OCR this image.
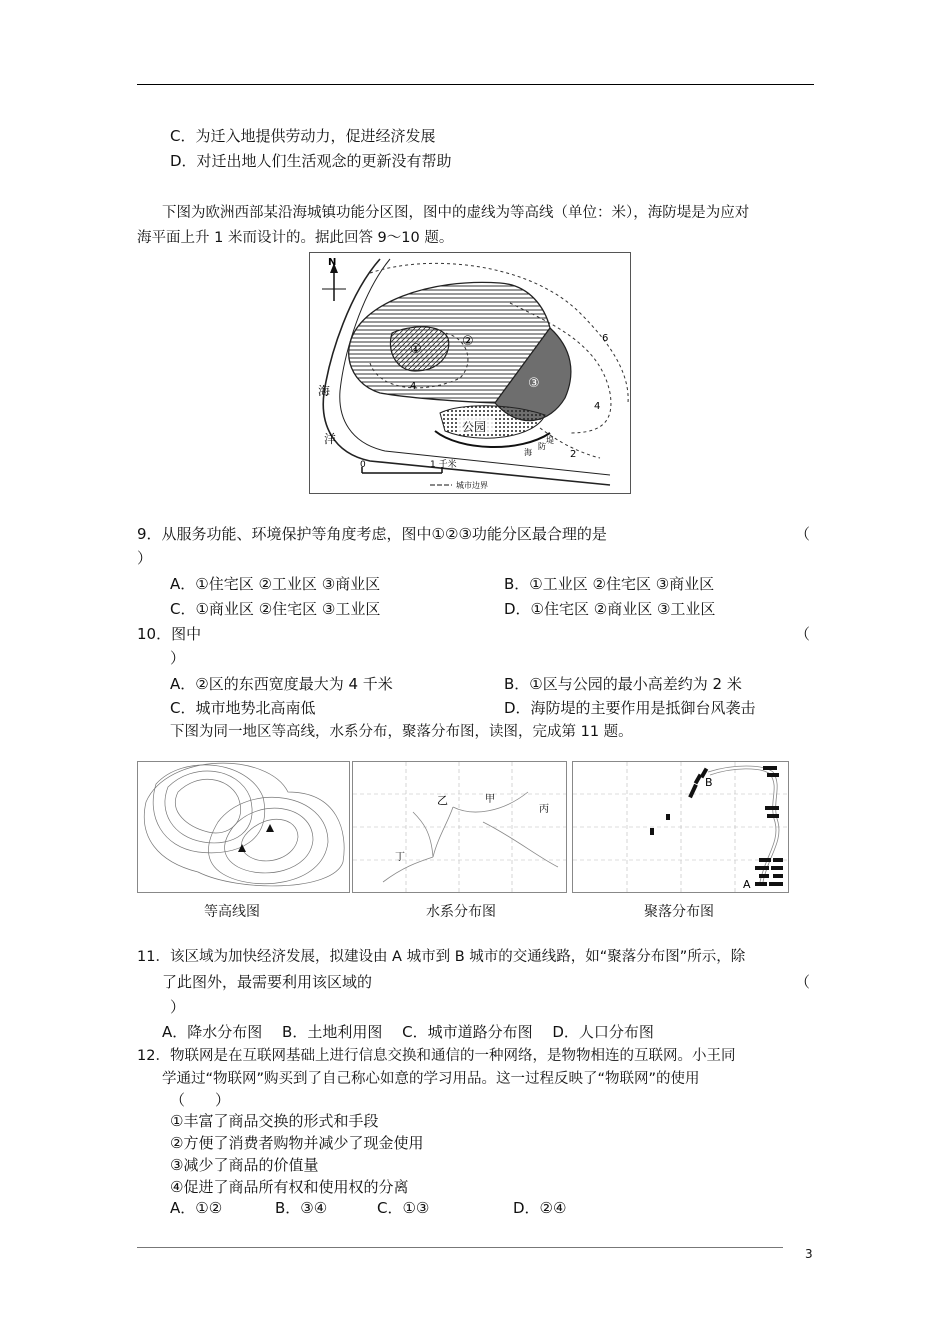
C．为迁入地提供劳动力，促进经济发展
D．对迁出地人们生活观念的更新没有帮助
下图为欧洲西部某沿海城镇功能分区图，图中的虚线为等高线（单位：米），海防堤是为应对
海平面上升 1 米而设计的。据此回答 9～10 题。
N
海
洋
①
②
③
公园
6
4
4
2
堤
防
海
0	1 千米
城市边界
9．从服务功能、环境保护等角度考虑，图中①②③功能分区最合理的是	（
）
A．①住宅区 ②工业区 ③商业区	B．①工业区 ②住宅区 ③商业区
C．①商业区 ②住宅区 ③工业区	D．①住宅区 ②商业区 ③工业区
10．图中	（
）
A．②区的东西宽度最大为 4 千米	B．①区与公园的最小高差约为 2 米
C．城市地势北高南低	D．海防堤的主要作用是抵御台风袭击
下图为同一地区等高线，水系分布，聚落分布图，读图，完成第 11 题。
乙	甲
丙
丁
B
A
等高线图	水系分布图	聚落分布图
11．该区域为加快经济发展，拟建设由 A 城市到 B 城市的交通线路，如“聚落分布图”所示，除
了此图外，最需要利用该区域的	（
）
A．降水分布图　 B．土地利用图　 C．城市道路分布图　 D．人口分布图
12．物联网是在互联网基础上进行信息交换和通信的一种网络，是物物相连的互联网。小王同
学通过“物联网”购买到了自己称心如意的学习用品。这一过程反映了“物联网”的使用
（　　）
①丰富了商品交换的形式和手段
②方便了消费者购物并减少了现金使用
③减少了商品的价值量
④促进了商品所有权和使用权的分离
A．①②	B．③④	C．①③	D．②④
3
